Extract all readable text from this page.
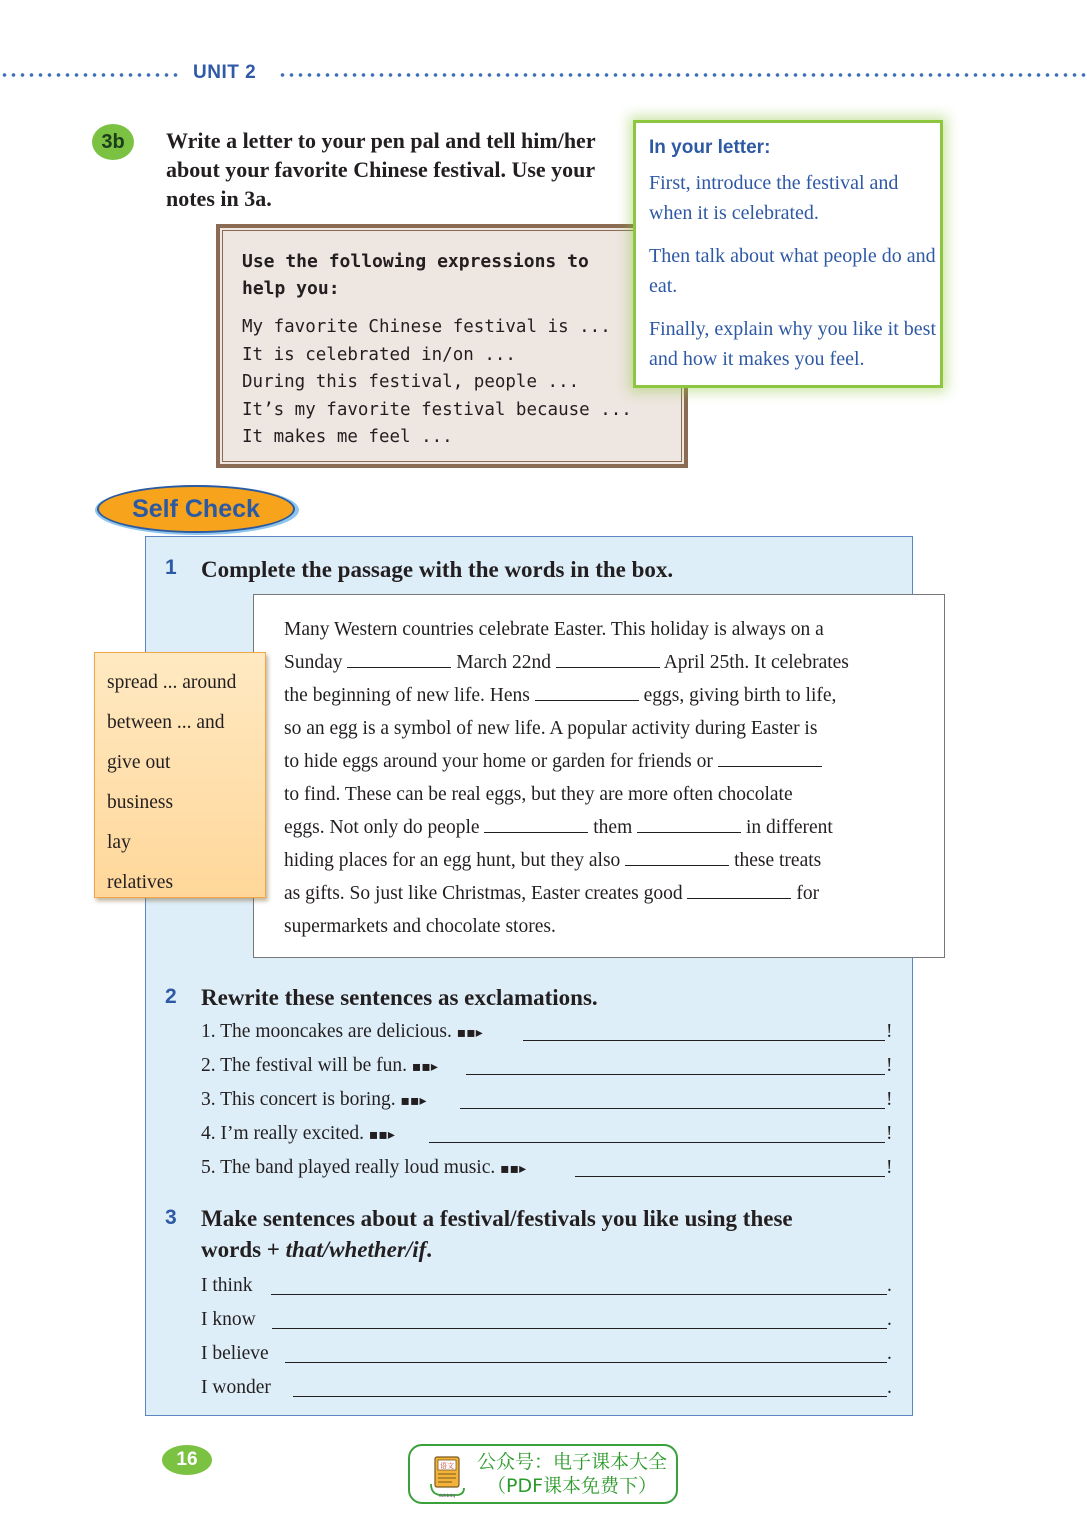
UNIT 2
3b	Write a letter to your pen pal and tell him/her about your favorite Chinese festival. Use your notes in 3a.
Use the following expressions to help you:
My favorite Chinese festival is ...
It is celebrated in/on ...
During this festival, people ...
It’s my favorite festival because ...
It makes me feel ...
In your letter:

First, introduce the festival and when it is celebrated.

Then talk about what people do and eat.

Finally, explain why you like it best and how it makes you feel.

Self Check
1 Complete the passage with the words in the box.
Many Western countries celebrate Easter. This holiday is always on a
Sunday	March 22nd	April 25th. It celebrates
the beginning of new life. Hens	eggs, giving birth to life,
so an egg is a symbol of new life. A popular activity during Easter is
to hide eggs around your home or garden for friends or
to find. These can be real eggs, but they are more often chocolate
eggs. Not only do people	them	in different
hiding places for an egg hunt, but they also	these treats
as gifts. So just like Christmas, Easter creates good	for
supermarkets and chocolate stores.
spread ... around
between ... and
give out
business
lay
relatives
2 Rewrite these sentences as exclamations.
1. The mooncakes are delicious. ▪▪▸	!
2. The festival will be fun. ▪▪▸	!
3. This concert is boring. ▪▪▸	!
4. I’m really excited. ▪▪▸	!
5. The band played really loud music. ▪▪▸	!
3 Make sentences about a festival/festivals you like using these
words + that/whether/if.
I think	.
I know	.
I believe	.
I wonder	.
16	语文
dzkbdq
公众号：电子课本大全
（PDF课本免费下）
